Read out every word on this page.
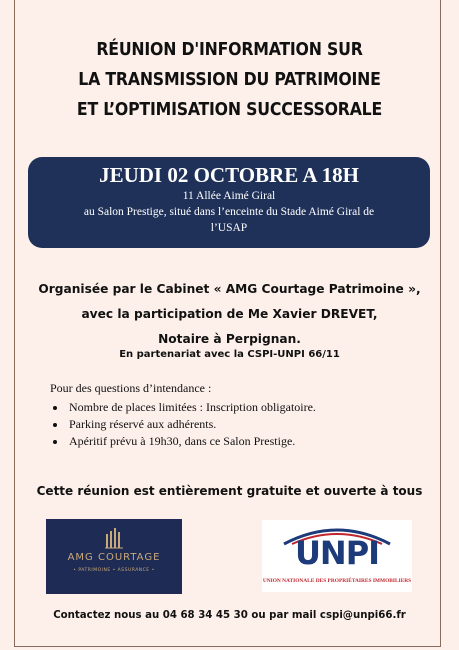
RÉUNION D'INFORMATION SUR
LA TRANSMISSION DU PATRIMOINE
ET L’OPTIMISATION SUCCESSORALE
JEUDI 02 OCTOBRE A 18H
11 Allée Aimé Giral
au Salon Prestige, situé dans l’enceinte du Stade Aimé Giral de
l’USAP
Organisée par le Cabinet « AMG Courtage Patrimoine »,
avec la participation de Me Xavier DREVET,
Notaire à Perpignan.
En partenariat avec la CSPI-UNPI 66/11
Pour des questions d’intendance :
• Nombre de places limitées : Inscription obligatoire.
• Parking réservé aux adhérents.
• Apéritif prévu à 19h30, dans ce Salon Prestige.
Cette réunion est entièrement gratuite et ouverte à tous
AMG COURTAGE
• PATRIMOINE • ASSURANCE •	UNPI
UNION NATIONALE DES PROPRIÉTAIRES IMMOBILIERS
Contactez nous au 04 68 34 45 30 ou par mail cspi@unpi66.fr
